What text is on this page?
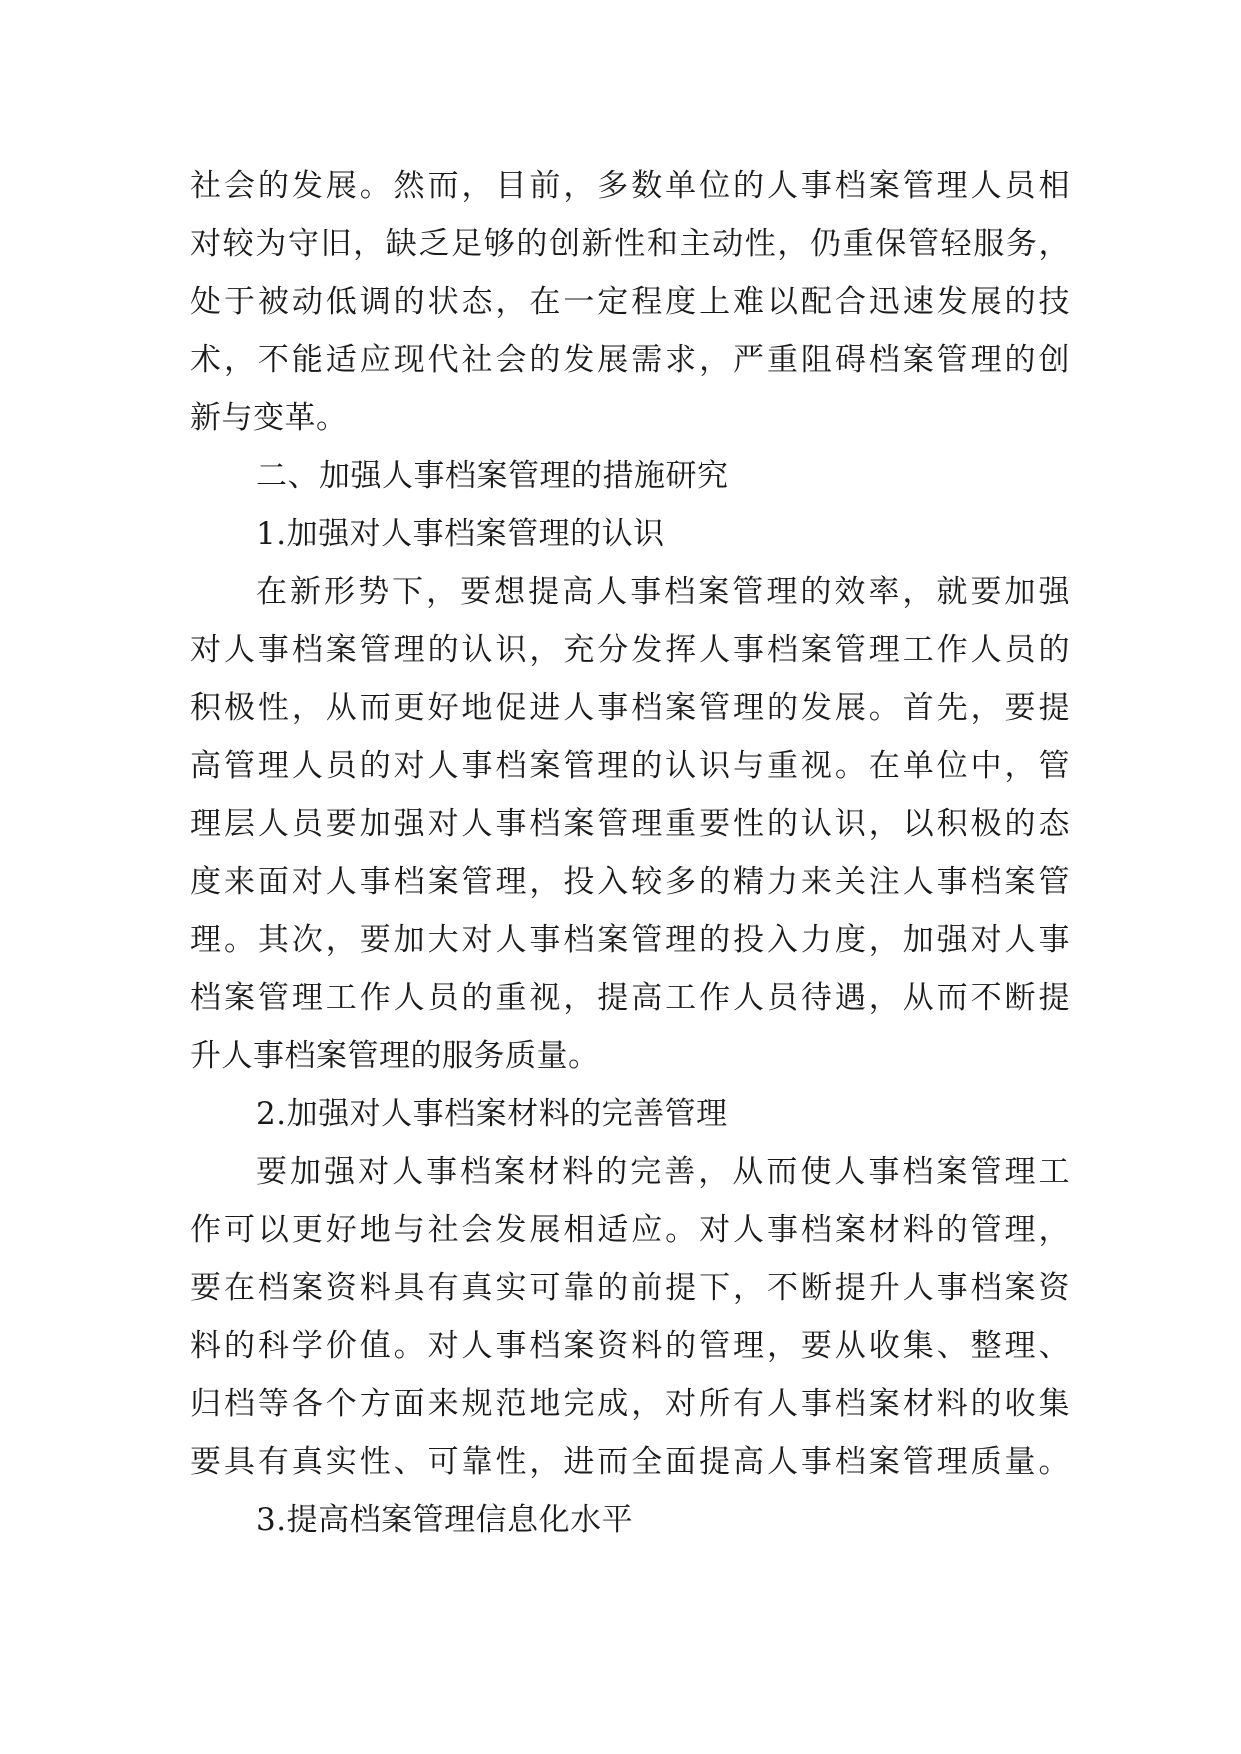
社会的发展。然而，目前，多数单位的人事档案管理人员相
对较为守旧，缺乏足够的创新性和主动性，仍重保管轻服务，
处于被动低调的状态，在一定程度上难以配合迅速发展的技
术，不能适应现代社会的发展需求，严重阻碍档案管理的创
新与变革。
二、加强人事档案管理的措施研究
1.加强对人事档案管理的认识
在新形势下，要想提高人事档案管理的效率，就要加强
对人事档案管理的认识，充分发挥人事档案管理工作人员的
积极性，从而更好地促进人事档案管理的发展。首先，要提
高管理人员的对人事档案管理的认识与重视。在单位中，管
理层人员要加强对人事档案管理重要性的认识，以积极的态
度来面对人事档案管理，投入较多的精力来关注人事档案管
理。其次，要加大对人事档案管理的投入力度，加强对人事
档案管理工作人员的重视，提高工作人员待遇，从而不断提
升人事档案管理的服务质量。
2.加强对人事档案材料的完善管理
要加强对人事档案材料的完善，从而使人事档案管理工
作可以更好地与社会发展相适应。对人事档案材料的管理，
要在档案资料具有真实可靠的前提下，不断提升人事档案资
料的科学价值。对人事档案资料的管理，要从收集、整理、
归档等各个方面来规范地完成，对所有人事档案材料的收集
要具有真实性、可靠性，进而全面提高人事档案管理质量。
3.提高档案管理信息化水平
